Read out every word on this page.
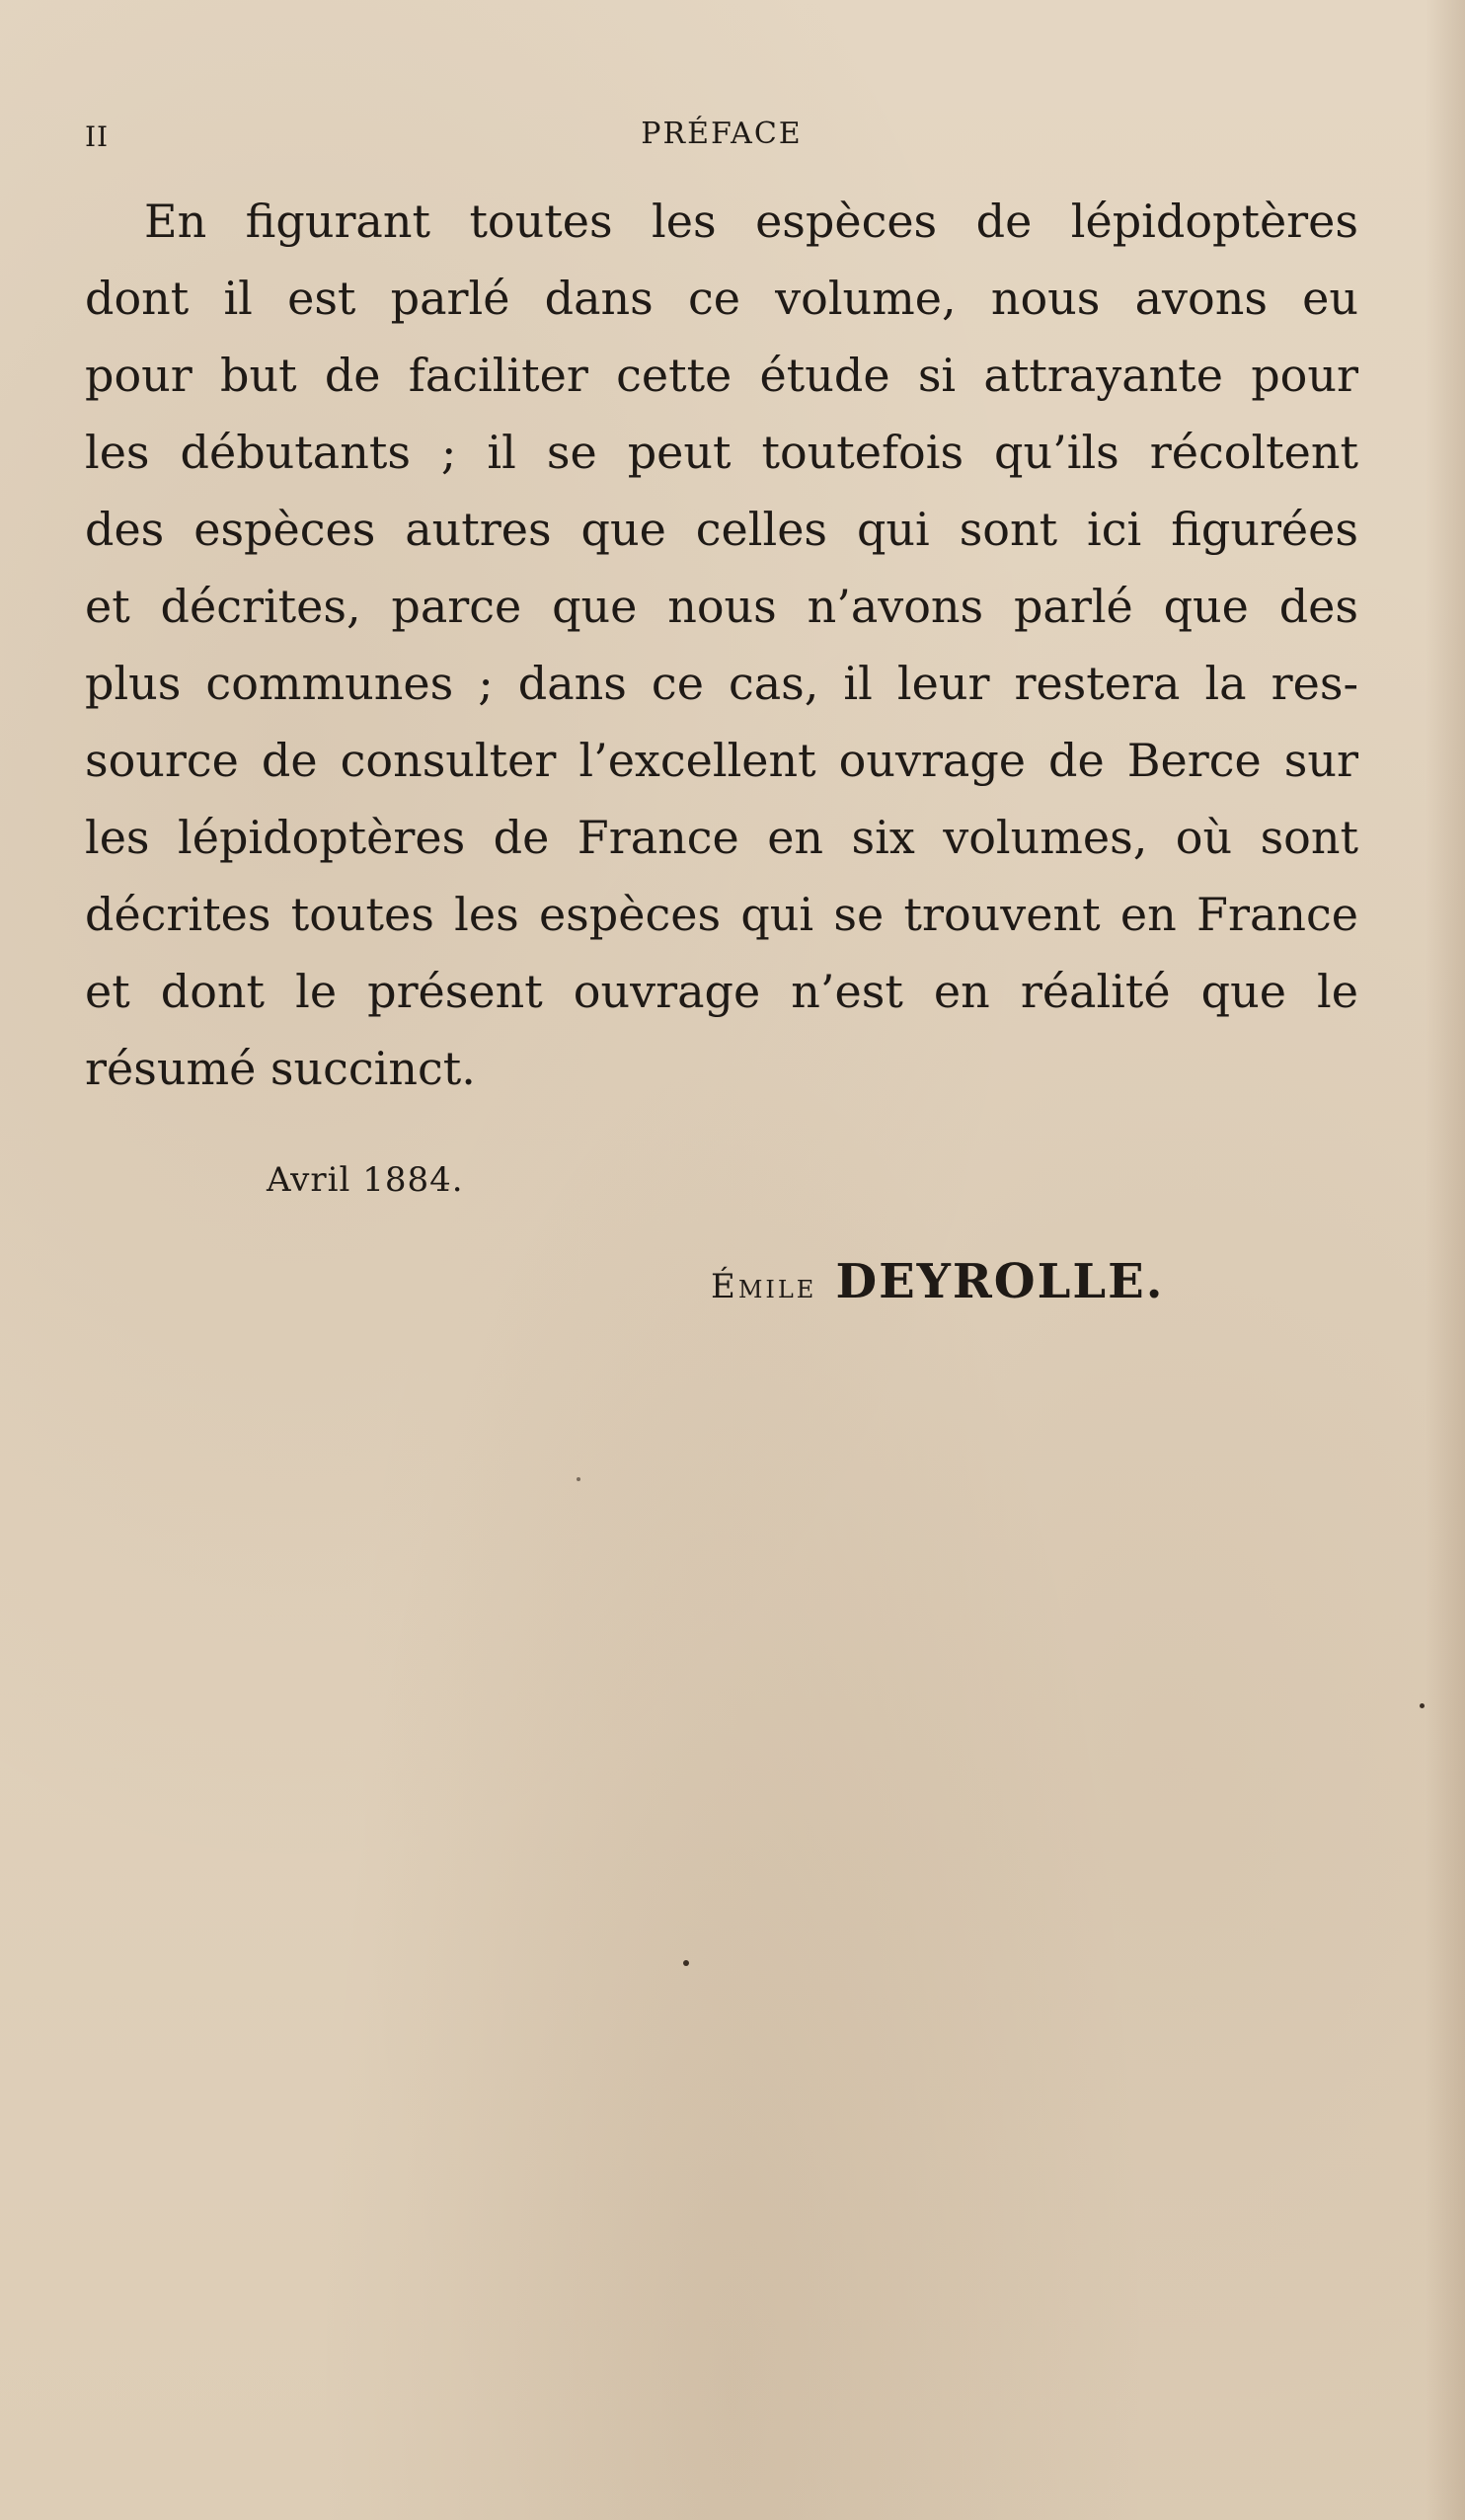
II	PRÉFACE
En figurant toutes les espèces de lépidoptères
dont il est parlé dans ce volume, nous avons eu
pour but de faciliter cette étude si attrayante pour
les débutants ; il se peut toutefois qu’ils récoltent
des espèces autres que celles qui sont ici figurées
et décrites, parce que nous n’avons parlé que des
plus communes ; dans ce cas, il leur restera la res-
source de consulter l’excellent ouvrage de Berce sur
les lépidoptères de France en six volumes, où sont
décrites toutes les espèces qui se trouvent en France
et dont le présent ouvrage n’est en réalité que le
résumé succinct.
Avril 1884.
Émile DEYROLLE.
